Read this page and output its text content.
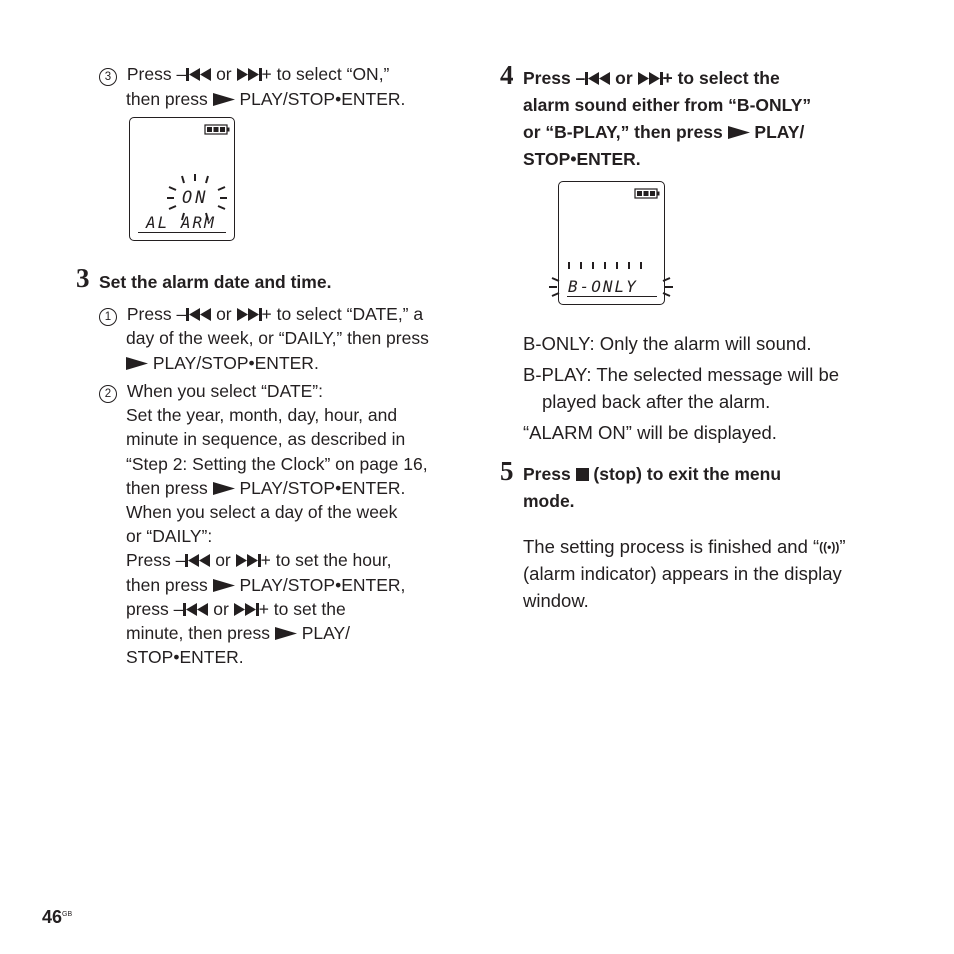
3 Press –
or
+ to select “ON,”
then press
PLAY/STOP•ENTER.
ON
AL ARM
3 Set the alarm date and time.
1 Press –
or
+ to select “DATE,” a
day of the week, or “DAILY,” then press
PLAY/STOP•ENTER.
2 When you select “DATE”:
Set the year, month, day, hour, and
minute in sequence, as described in
“Step 2: Setting the Clock” on page 16,
then press
PLAY/STOP•ENTER.
When you select a day of the week
or “DAILY”:
Press –
or
+ to set the hour,
then press
PLAY/STOP•ENTER,
press –
or
+ to set the
minute, then press
PLAY/
STOP•ENTER.
4 Press –
or
+ to select the
alarm sound either from “B-ONLY”
or “B-PLAY,” then press
PLAY/
STOP•ENTER.
B-ONLY
B-ONLY: Only the alarm will sound.
B-PLAY: The selected message will be
played back after the alarm.
“ALARM ON” will be displayed.
5 Press
(stop) to exit the menu
mode.
The setting process is finished and “((•))”
(alarm indicator) appears in the display
window.
$46^{GB}$
